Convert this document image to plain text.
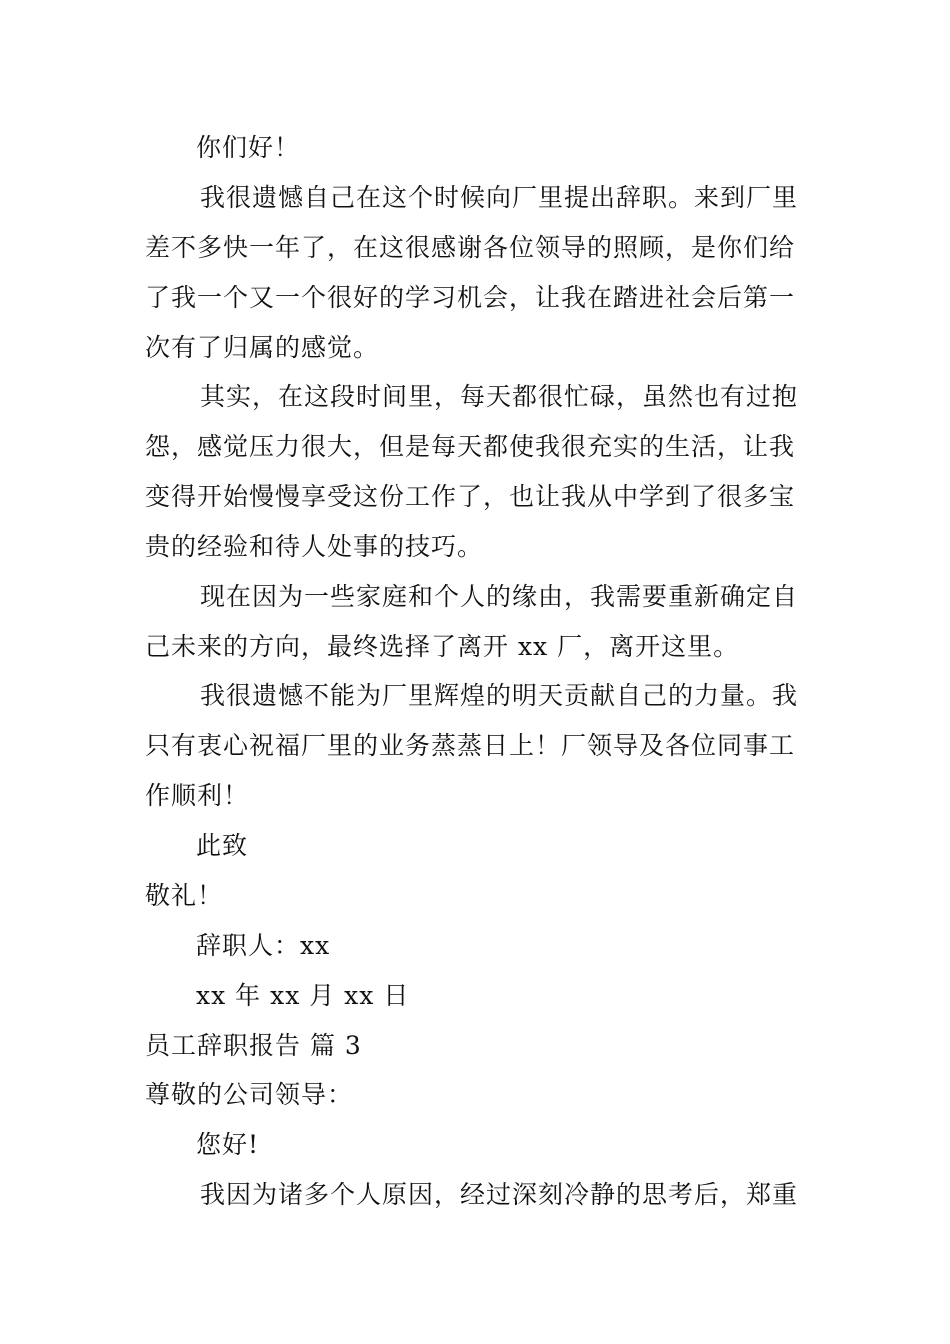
你们好！

我很遗憾自己在这个时候向厂里提出辞职。来到厂里

差不多快一年了，在这很感谢各位领导的照顾，是你们给

了我一个又一个很好的学习机会，让我在踏进社会后第一

次有了归属的感觉。

其实，在这段时间里，每天都很忙碌，虽然也有过抱

怨，感觉压力很大，但是每天都使我很充实的生活，让我

变得开始慢慢享受这份工作了，也让我从中学到了很多宝

贵的经验和待人处事的技巧。

现在因为一些家庭和个人的缘由，我需要重新确定自

己未来的方向，最终选择了离开 xx 厂，离开这里。

我很遗憾不能为厂里辉煌的明天贡献自己的力量。我

只有衷心祝福厂里的业务蒸蒸日上！厂领导及各位同事工

作顺利！

此致

敬礼！

辞职人：xx

xx 年 xx 月 xx 日

员工辞职报告 篇 3

尊敬的公司领导：

您好!

我因为诸多个人原因，经过深刻冷静的思考后，郑重
